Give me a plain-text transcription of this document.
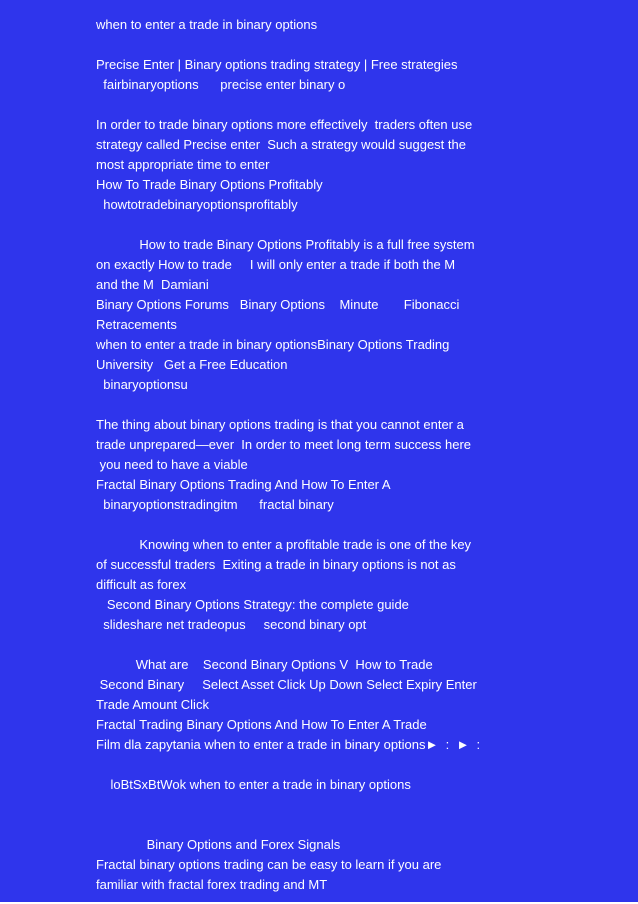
when to enter a trade in binary options
Precise Enter | Binary options trading strategy | Free strategies
fairbinaryoptions      precise enter binary o
In order to trade binary options more effectively  traders often use
strategy called Precise enter  Such a strategy would suggest the
most appropriate time to enter
How To Trade Binary Options Profitably
howtotradebinaryoptionsprofitably
How to trade Binary Options Profitably is a full free system
on exactly How to trade     I will only enter a trade if both the M
and the M  Damiani
Binary Options Forums   Binary Options    Minute       Fibonacci
Retracements
when to enter a trade in binary optionsBinary Options Trading
University   Get a Free Education
binaryoptionsu
The thing about binary options trading is that you cannot enter a
trade unprepared—ever  In order to meet long term success here
you need to have a viable
Fractal Binary Options Trading And How To Enter A
binaryoptionstradingitm      fractal binary
Knowing when to enter a profitable trade is one of the key
of successful traders  Exiting a trade in binary options is not as
difficult as forex
Second Binary Options Strategy: the complete guide
slideshare net tradeopus     second binary opt
What are    Second Binary Options V  How to Trade
Second Binary     Select Asset Click Up Down Select Expiry Enter
Trade Amount Click
Fractal Trading Binary Options And How To Enter A Trade
Film dla zapytania when to enter a trade in binary options►  :  ►  :
loBtSxBtWok when to enter a trade in binary options
Binary Options and Forex Signals
Fractal binary options trading can be easy to learn if you are
familiar with fractal forex trading and MT
